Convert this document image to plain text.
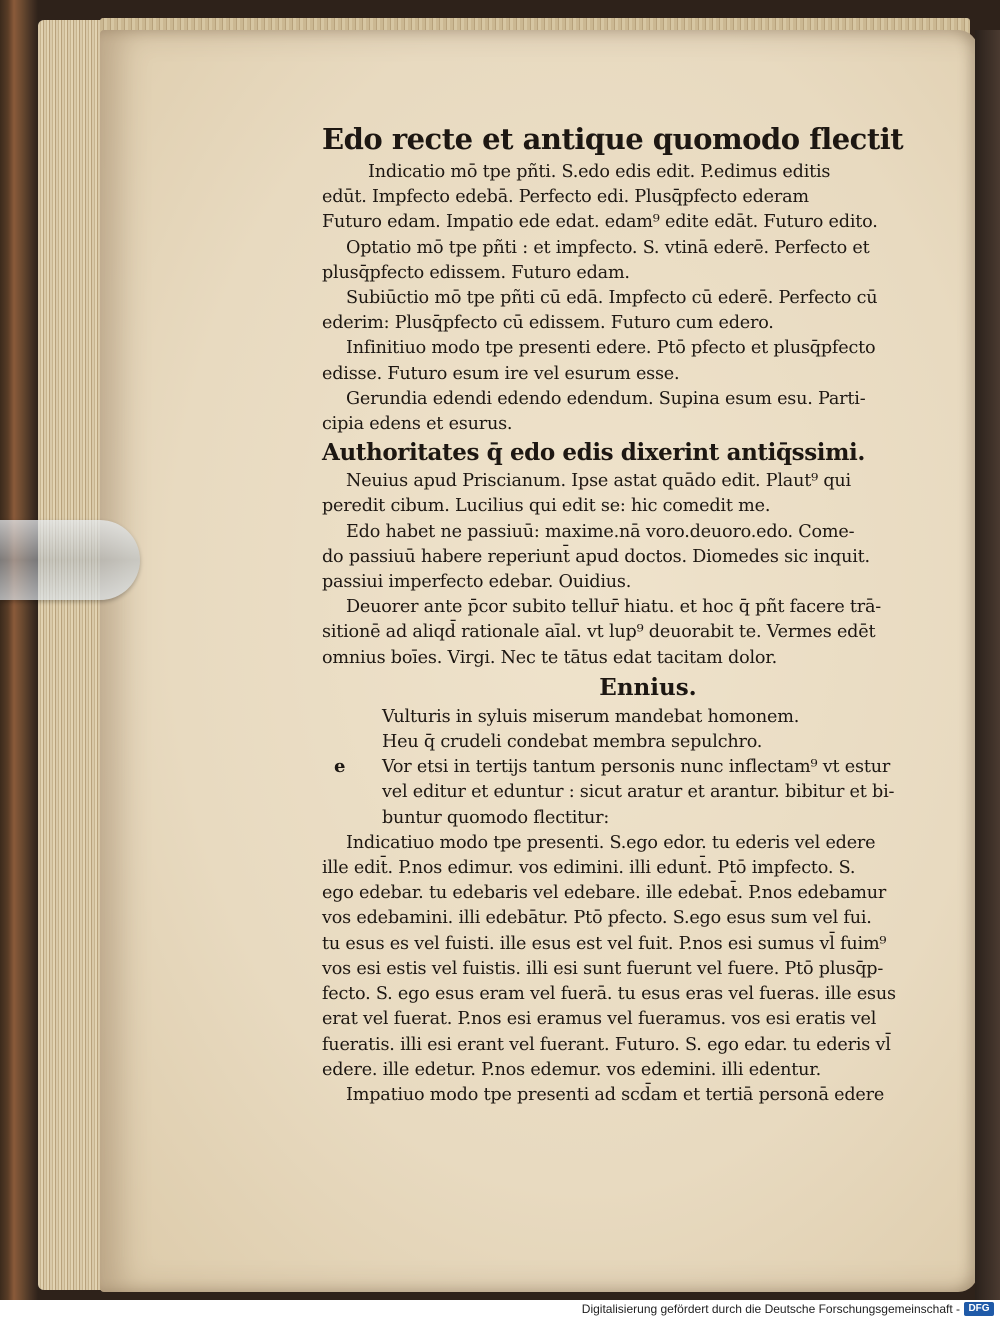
Edo recte et antique quomodo flectit
Indicatio mō tpe pñti. S.edo edis edit. P.edimus editis
edūt. Impfecto edebā. Perfecto edi. Plusq̄pfecto ederam
Futuro edam. Impatio ede edat. edam⁹ edite edāt. Futuro edito.
Optatio mō tpe pñti : et impfecto. S. vtinā ederē. Perfecto et
plusq̄pfecto edissem. Futuro edam.
Subiūctio mō tpe pñti cū edā. Impfecto cū ederē. Perfecto cū
ederim: Plusq̄pfecto cū edissem. Futuro cum edero.
Infinitiuo modo tpe presenti edere. Ptō pfecto et plusq̄pfecto
edisse. Futuro esum ire vel esurum esse.
Gerundia edendi edendo edendum. Supina esum esu. Parti-
cipia edens et esurus.
Authoritates q̄ edo edis dixerint antiq̄ssimi.
Neuius apud Priscianum. Ipse astat quādo edit. Plaut⁹ qui
peredit cibum. Lucilius qui edit se: hic comedit me.
Edo habet ne passiuū: maxime.nā voro.deuoro.edo. Come-
do passiuū habere reperiunt̄ apud doctos. Diomedes sic inquit.
passiui imperfecto edebar. Ouidius.
Deuorer ante p̄cor subito tellur̄ hiatu. et hoc q̄ pñt facere trā-
sitionē ad aliqd̄ rationale aīal. vt lup⁹ deuorabit te. Vermes edēt
omnius boīes. Virgi. Nec te tātus edat tacitam dolor.
Ennius.
Vulturis in syluis miserum mandebat homonem.
Heu q̄ crudeli condebat membra sepulchro.
Vor etsi in tertijs tantum personis nunc inflectam⁹ vt estur
vel editur et eduntur : sicut aratur et arantur. bibitur et bi-
buntur quomodo flectitur:
Indicatiuo modo tpe presenti. S.ego edor. tu ederis vel edere
ille edit̄. P.nos edimur. vos edimini. illi edunt̄. Ptō impfecto. S.
ego edebar. tu edebaris vel edebare. ille edebat̄. P.nos edebamur
vos edebamini. illi edebātur. Ptō pfecto. S.ego esus sum vel fui.
tu esus es vel fuisti. ille esus est vel fuit. P.nos esi sumus vl̄ fuim⁹
vos esi estis vel fuistis. illi esi sunt fuerunt vel fuere. Ptō plusq̄p-
fecto. S. ego esus eram vel fuerā. tu esus eras vel fueras. ille esus
erat vel fuerat. P.nos esi eramus vel fueramus. vos esi eratis vel
fueratis. illi esi erant vel fuerant. Futuro. S. ego edar. tu ederis vl̄
edere. ille edetur. P.nos edemur. vos edemini. illi edentur.
Impatiuo modo tpe presenti ad scd̄am et tertiā personā edere
e
Digitalisierung gefördert durch die Deutsche Forschungsgemeinschaft - DFG
